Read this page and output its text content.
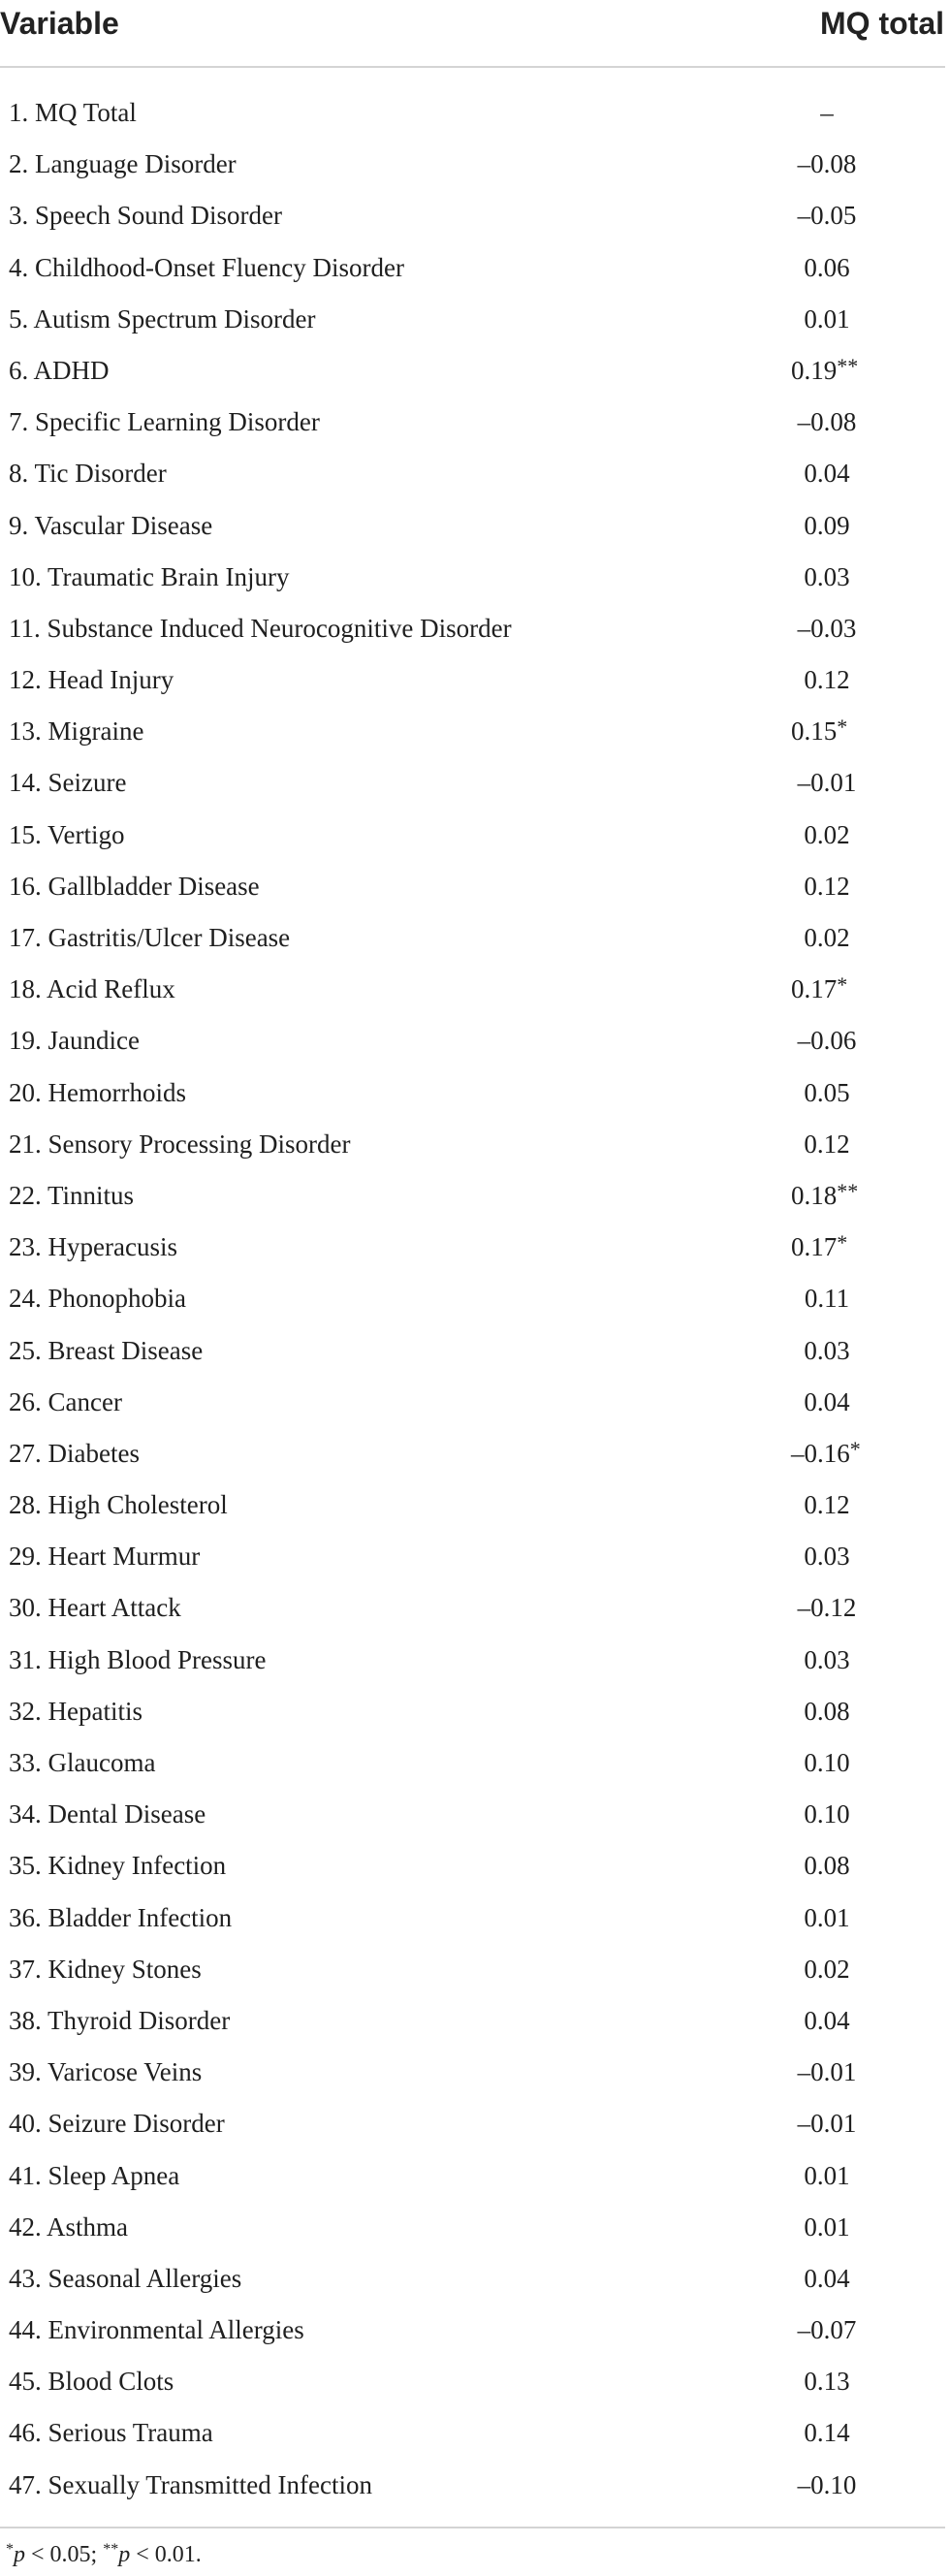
Variable	MQ total
1. MQ Total	–
2. Language Disorder	–0.08
3. Speech Sound Disorder	–0.05
4. Childhood-Onset Fluency Disorder	0.06
5. Autism Spectrum Disorder	0.01
6. ADHD	0.19**
7. Specific Learning Disorder	–0.08
8. Tic Disorder	0.04
9. Vascular Disease	0.09
10. Traumatic Brain Injury	0.03
11. Substance Induced Neurocognitive Disorder	–0.03
12. Head Injury	0.12
13. Migraine	0.15*
14. Seizure	–0.01
15. Vertigo	0.02
16. Gallbladder Disease	0.12
17. Gastritis/Ulcer Disease	0.02
18. Acid Reflux	0.17*
19. Jaundice	–0.06
20. Hemorrhoids	0.05
21. Sensory Processing Disorder	0.12
22. Tinnitus	0.18**
23. Hyperacusis	0.17*
24. Phonophobia	0.11
25. Breast Disease	0.03
26. Cancer	0.04
27. Diabetes	–0.16*
28. High Cholesterol	0.12
29. Heart Murmur	0.03
30. Heart Attack	–0.12
31. High Blood Pressure	0.03
32. Hepatitis	0.08
33. Glaucoma	0.10
34. Dental Disease	0.10
35. Kidney Infection	0.08
36. Bladder Infection	0.01
37. Kidney Stones	0.02
38. Thyroid Disorder	0.04
39. Varicose Veins	–0.01
40. Seizure Disorder	–0.01
41. Sleep Apnea	0.01
42. Asthma	0.01
43. Seasonal Allergies	0.04
44. Environmental Allergies	–0.07
45. Blood Clots	0.13
46. Serious Trauma	0.14
47. Sexually Transmitted Infection	–0.10
*p < 0.05; **p < 0.01.
